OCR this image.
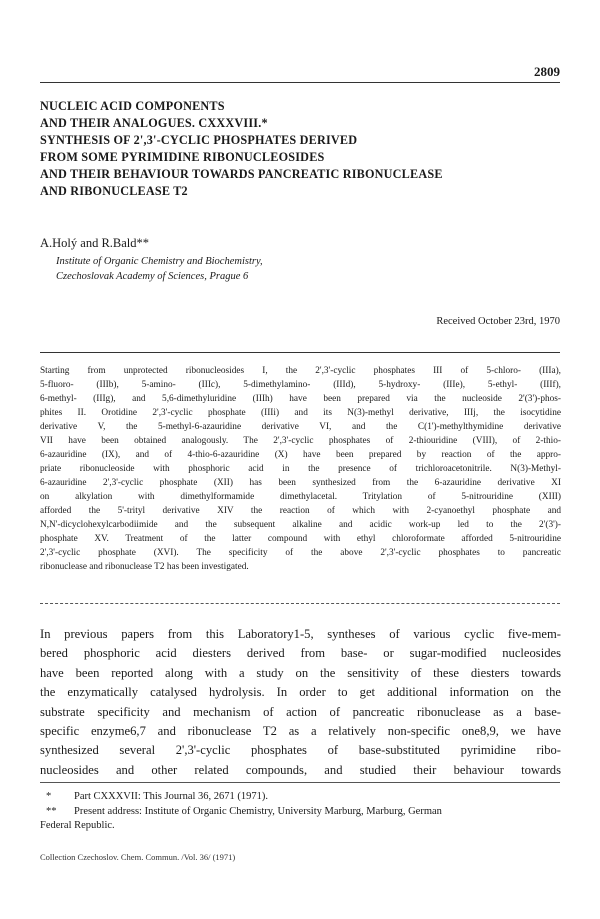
2809
NUCLEIC ACID COMPONENTS
AND THEIR ANALOGUES. CXXXVIII.*
SYNTHESIS OF 2',3'-CYCLIC PHOSPHATES DERIVED
FROM SOME PYRIMIDINE RIBONUCLEOSIDES
AND THEIR BEHAVIOUR TOWARDS PANCREATIC RIBONUCLEASE
AND RIBONUCLEASE T2
A.Holý and R.Bald**
Institute of Organic Chemistry and Biochemistry,
Czechoslovak Academy of Sciences, Prague 6
Received October 23rd, 1970
Starting from unprotected ribonucleosides I, the 2',3'-cyclic phosphates III of 5-chloro- (IIIa),
5-fluoro- (IIIb), 5-amino- (IIIc), 5-dimethylamino- (IIId), 5-hydroxy- (IIIe), 5-ethyl- (IIIf),
6-methyl- (IIIg), and 5,6-dimethyluridine (IIIh) have been prepared via the nucleoside 2'(3')-phos-
phites II. Orotidine 2',3'-cyclic phosphate (IIIi) and its N(3)-methyl derivative, IIIj, the isocytidine
derivative V, the 5-methyl-6-azauridine derivative VI, and the C(1')-methylthymidine derivative
VII have been obtained analogously. The 2',3'-cyclic phosphates of 2-thiouridine (VIII), of 2-thio-
6-azauridine (IX), and of 4-thio-6-azauridine (X) have been prepared by reaction of the appro-
priate ribonucleoside with phosphoric acid in the presence of trichloroacetonitrile. N(3)-Methyl-
6-azauridine 2',3'-cyclic phosphate (XII) has been synthesized from the 6-azauridine derivative XI
on alkylation with dimethylformamide dimethylacetal. Tritylation of 5-nitrouridine (XIII)
afforded the 5'-trityl derivative XIV the reaction of which with 2-cyanoethyl phosphate and
N,N'-dicyclohexylcarbodiimide and the subsequent alkaline and acidic work-up led to the 2'(3')-
phosphate XV. Treatment of the latter compound with ethyl chloroformate afforded 5-nitrouridine
2',3'-cyclic phosphate (XVI). The specificity of the above 2',3'-cyclic phosphates to pancreatic
ribonuclease and ribonuclease T2 has been investigated.
In previous papers from this Laboratory1-5, syntheses of various cyclic five-mem-
bered phosphoric acid diesters derived from base- or sugar-modified nucleosides
have been reported along with a study on the sensitivity of these diesters towards
the enzymatically catalysed hydrolysis. In order to get additional information on the
substrate specificity and mechanism of action of pancreatic ribonuclease as a base-
specific enzyme6,7 and ribonuclease T2 as a relatively non-specific one8,9, we have
synthesized several 2',3'-cyclic phosphates of base-substituted pyrimidine ribo-
nucleosides and other related compounds, and studied their behaviour towards
* Part CXXXVII: This Journal 36, 2671 (1971).
** Present address: Institute of Organic Chemistry, University Marburg, Marburg, German
Federal Republic.
Collection Czechoslov. Chem. Commun. /Vol. 36/ (1971)
